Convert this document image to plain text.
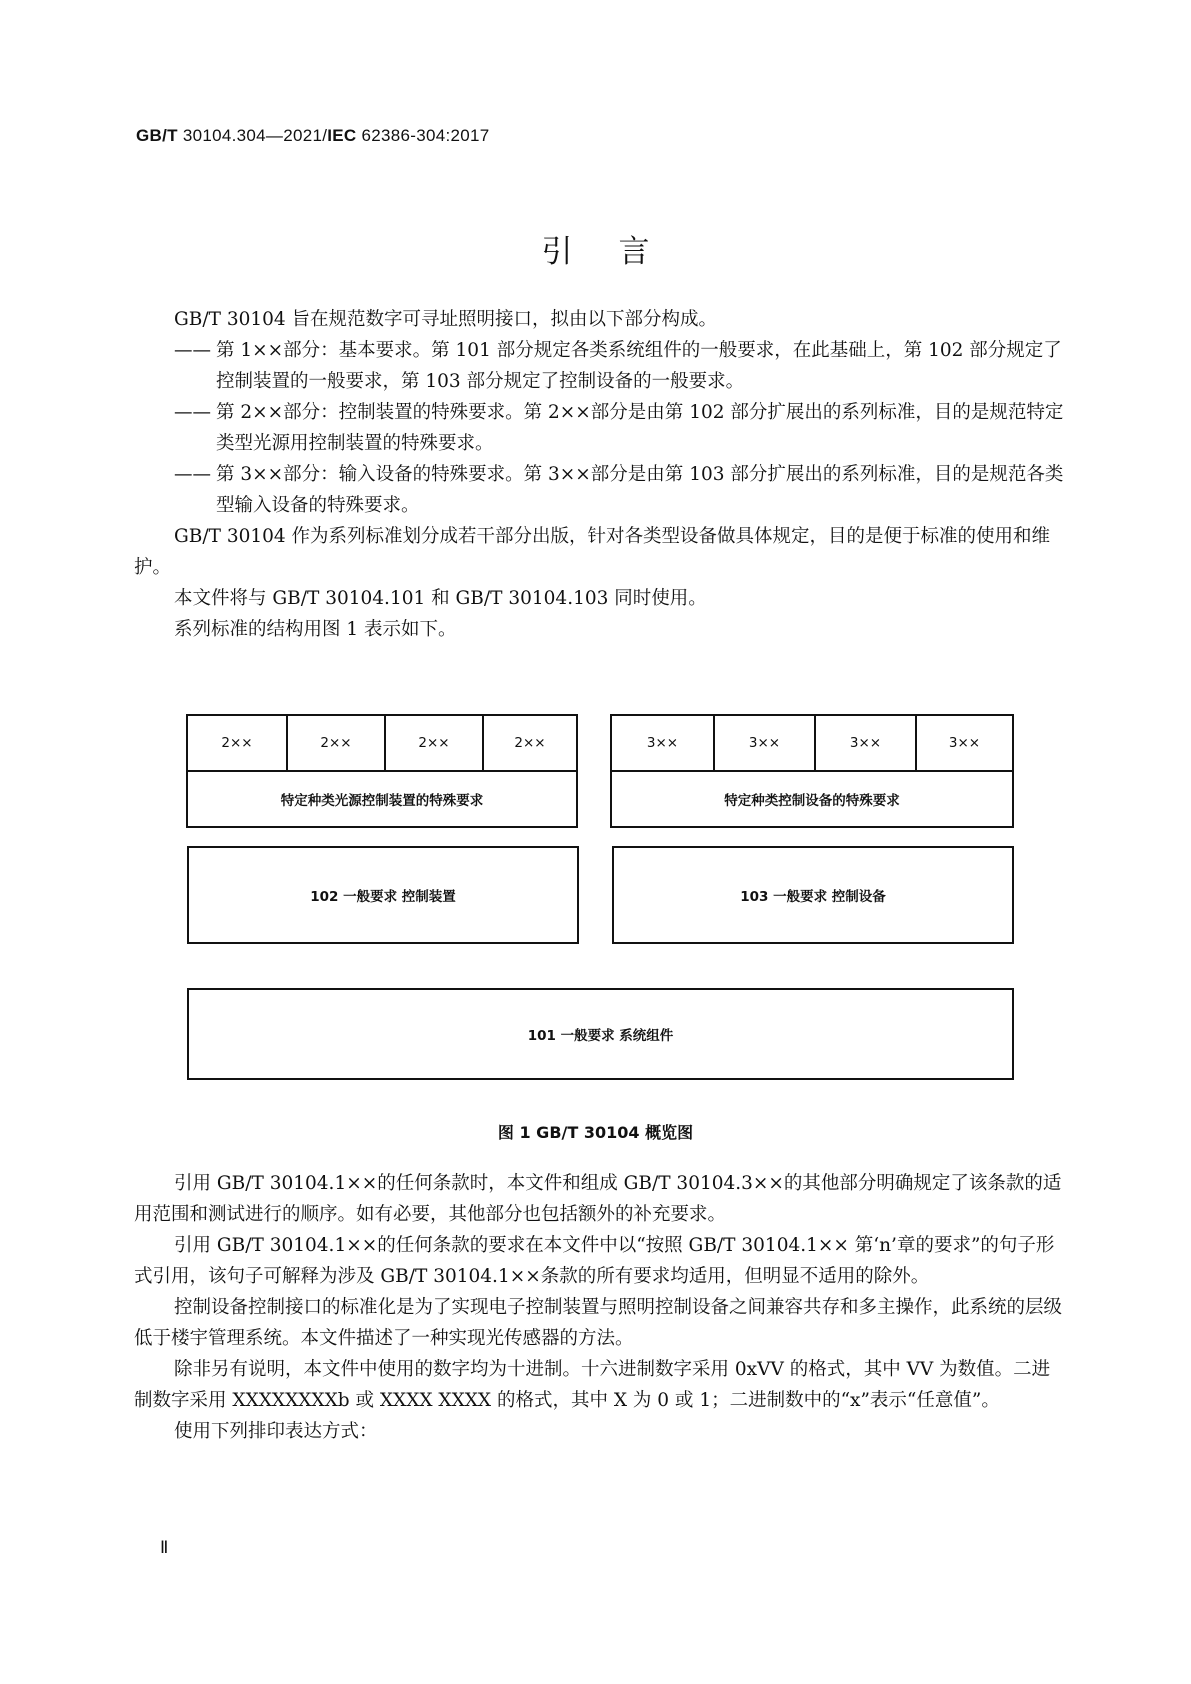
GB/T 30104.304—2021/IEC 62386-304:2017
引言

GB/T 30104 旨在规范数字可寻址照明接口，拟由以下部分构成。

—— 第 1××部分：基本要求。第 101 部分规定各类系统组件的一般要求，在此基础上，第 102 部分规定了控制装置的一般要求，第 103 部分规定了控制设备的一般要求。
—— 第 2××部分：控制装置的特殊要求。第 2××部分是由第 102 部分扩展出的系列标准，目的是规范特定类型光源用控制装置的特殊要求。
—— 第 3××部分：输入设备的特殊要求。第 3××部分是由第 103 部分扩展出的系列标准，目的是规范各类型输入设备的特殊要求。

GB/T 30104 作为系列标准划分成若干部分出版，针对各类型设备做具体规定，目的是便于标准的使用和维护。

本文件将与 GB/T 30104.101 和 GB/T 30104.103 同时使用。

系列标准的结构用图 1 表示如下。

2××	2××	2××	2××
特定种类光源控制装置的特殊要求
3××	3××	3××	3××
特定种类控制设备的特殊要求
102 一般要求 控制装置	103 一般要求 控制设备
101 一般要求 系统组件
图 1 GB/T 30104 概览图

引用 GB/T 30104.1××的任何条款时，本文件和组成 GB/T 30104.3××的其他部分明确规定了该条款的适用范围和测试进行的顺序。如有必要，其他部分也包括额外的补充要求。

引用 GB/T 30104.1××的任何条款的要求在本文件中以“按照 GB/T 30104.1×× 第‘n’章的要求”的句子形式引用，该句子可解释为涉及 GB/T 30104.1××条款的所有要求均适用，但明显不适用的除外。

控制设备控制接口的标准化是为了实现电子控制装置与照明控制设备之间兼容共存和多主操作，此系统的层级低于楼宇管理系统。本文件描述了一种实现光传感器的方法。

除非另有说明，本文件中使用的数字均为十进制。十六进制数字采用 0xVV 的格式，其中 VV 为数值。二进制数字采用 XXXXXXXXb 或 XXXX XXXX 的格式，其中 X 为 0 或 1；二进制数中的“x”表示“任意值”。

使用下列排印表达方式：

Ⅱ
